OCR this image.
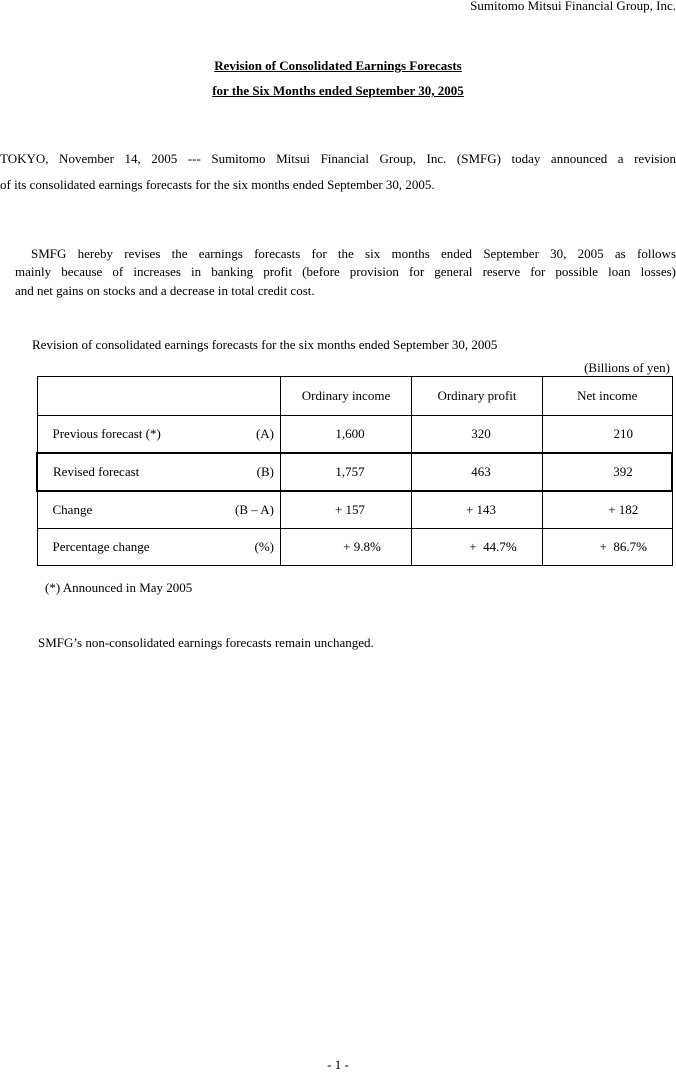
Sumitomo Mitsui Financial Group, Inc.
Revision of Consolidated Earnings Forecasts
for the Six Months ended September 30, 2005
TOKYO, November 14, 2005 --- Sumitomo Mitsui Financial Group, Inc. (SMFG) today announced a revision
of its consolidated earnings forecasts for the six months ended September 30, 2005.
SMFG hereby revises the earnings forecasts for the six months ended September 30, 2005 as follows
mainly because of increases in banking profit (before provision for general reserve for possible loan losses)
and net gains on stocks and a decrease in total credit cost.
Revision of consolidated earnings forecasts for the six months ended September 30, 2005
(Billions of yen)
	Ordinary income	Ordinary profit	Net income

Previous forecast (*) (A)	1,600	320	210

Revised forecast (B)	1,757	463	392

Change (B – A)	+ 157	+ 143	+ 182

Percentage change (%)	+ 9.8%	+  44.7%	+  86.7%
(*) Announced in May 2005
SMFG’s non-consolidated earnings forecasts remain unchanged.
- 1 -
